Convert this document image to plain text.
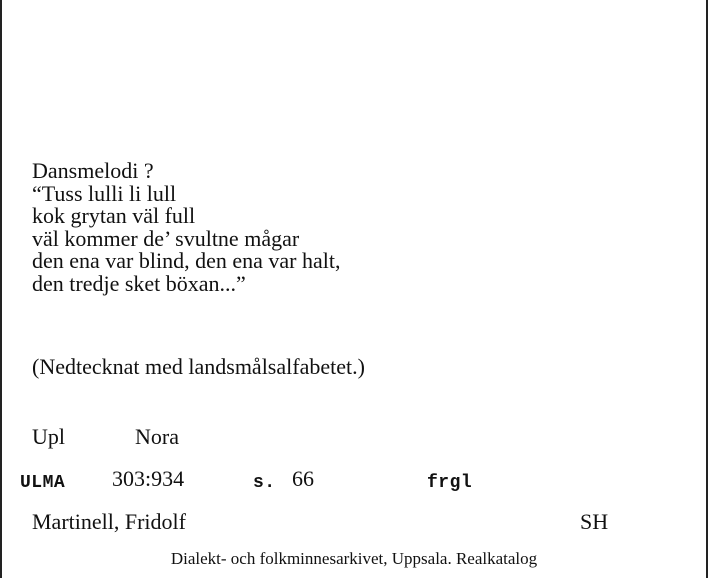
Dansmelodi ?
“Tuss lulli li lull
kok grytan väl full
väl kommer de’ svultne mågar
den ena var blind, den ena var halt,
den tredje sket böxan...”
(Nedtecknat med landsmålsalfabetet.)
Upl	Nora
ULMA 303:934	s. 66	frgl
Martinell, Fridolf	SH
Dialekt- och folkminnesarkivet, Uppsala. Realkatalog
